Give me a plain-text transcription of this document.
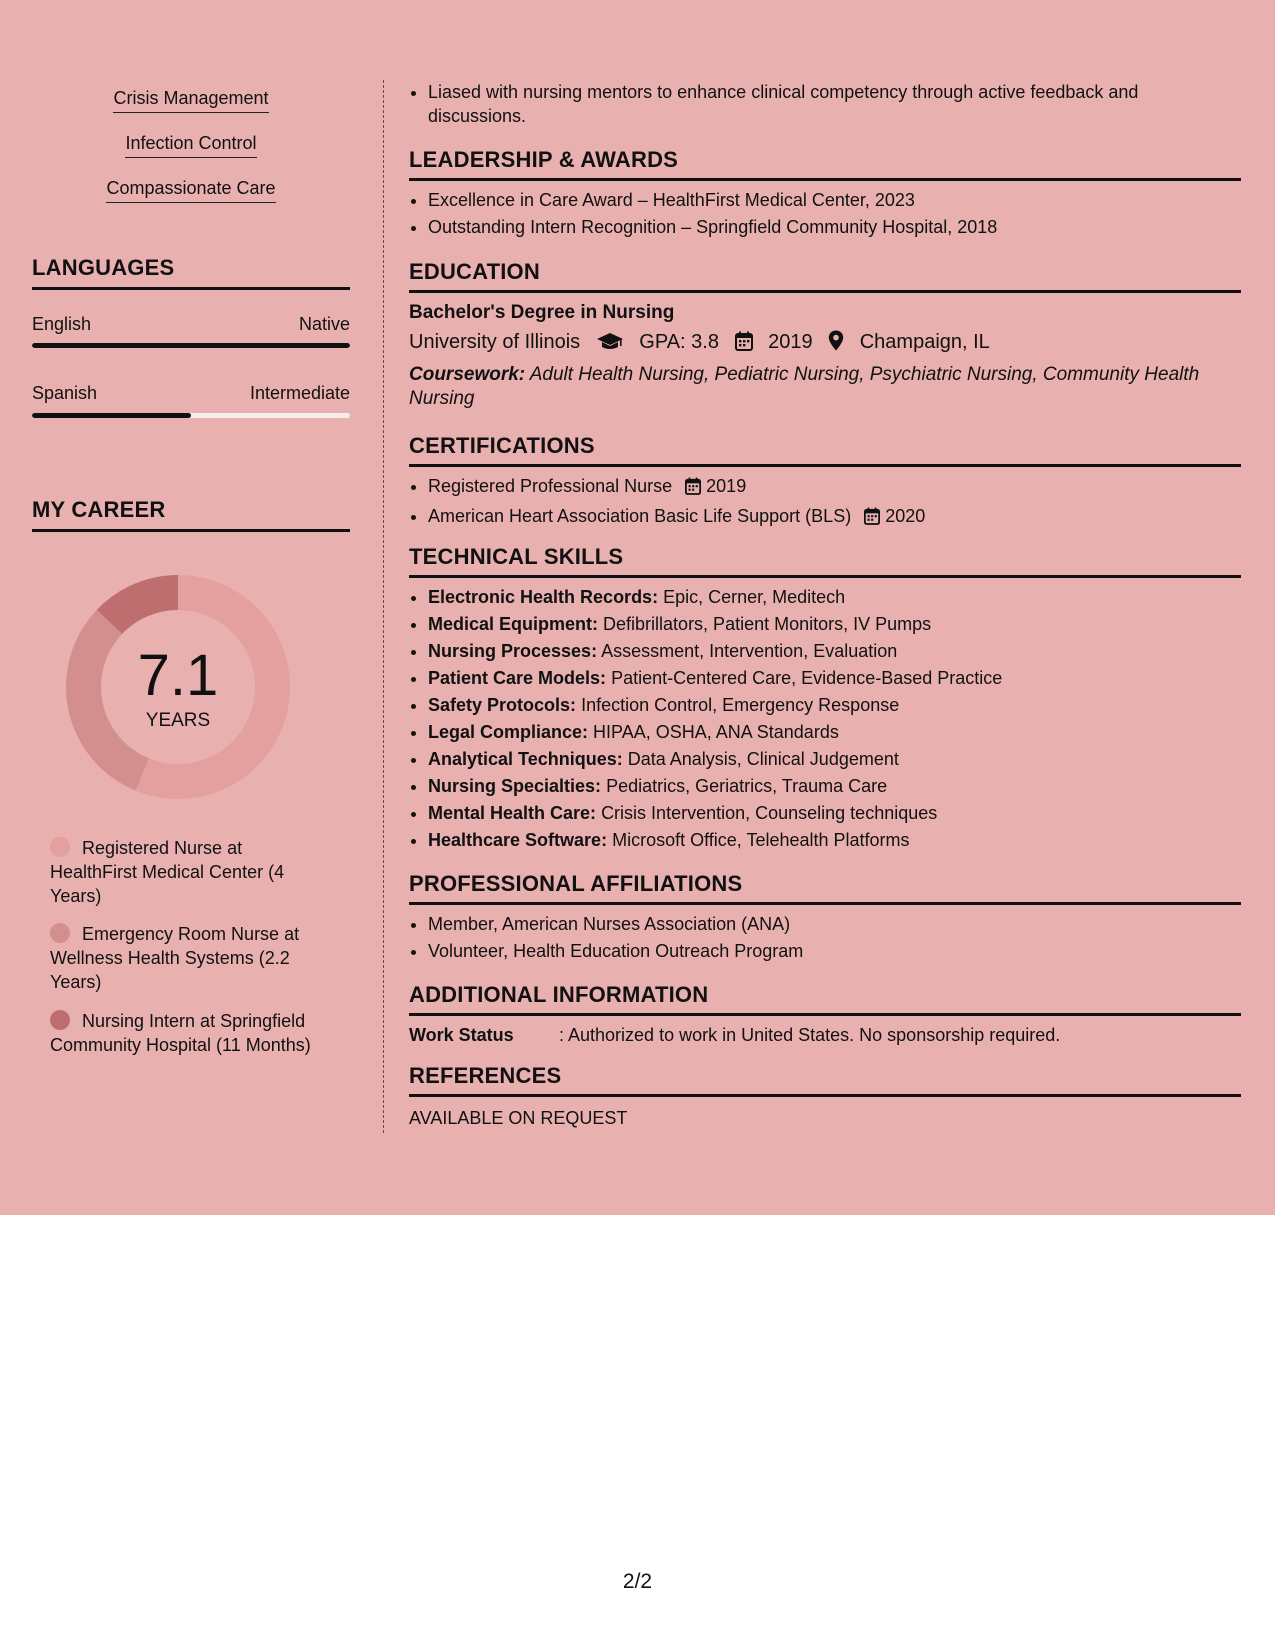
Crisis Management
Infection Control
Compassionate Care
LANGUAGES
English	Native
Spanish	Intermediate
MY CAREER
7.1
YEARS
Registered Nurse at HealthFirst Medical Center (4 Years)
Emergency Room Nurse at Wellness Health Systems (2.2 Years)
Nursing Intern at Springfield Community Hospital (11 Months)
• Liased with nursing mentors to enhance clinical competency through active feedback and discussions.
LEADERSHIP & AWARDS
• Excellence in Care Award – HealthFirst Medical Center, 2023
• Outstanding Intern Recognition – Springfield Community Hospital, 2018
EDUCATION
Bachelor's Degree in Nursing
University of Illinois	GPA: 3.8 2019 Champaign, IL
Coursework: Adult Health Nursing, Pediatric Nursing, Psychiatric Nursing, Community Health Nursing
CERTIFICATIONS
• Registered Professional Nurse 2019
• American Heart Association Basic Life Support (BLS) 2020
TECHNICAL SKILLS
• Electronic Health Records: Epic, Cerner, Meditech
• Medical Equipment: Defibrillators, Patient Monitors, IV Pumps
• Nursing Processes: Assessment, Intervention, Evaluation
• Patient Care Models: Patient-Centered Care, Evidence-Based Practice
• Safety Protocols: Infection Control, Emergency Response
• Legal Compliance: HIPAA, OSHA, ANA Standards
• Analytical Techniques: Data Analysis, Clinical Judgement
• Nursing Specialties: Pediatrics, Geriatrics, Trauma Care
• Mental Health Care: Crisis Intervention, Counseling techniques
• Healthcare Software: Microsoft Office, Telehealth Platforms
PROFESSIONAL AFFILIATIONS
• Member, American Nurses Association (ANA)
• Volunteer, Health Education Outreach Program
ADDITIONAL INFORMATION
Work Status	: Authorized to work in United States. No sponsorship required.
REFERENCES
AVAILABLE ON REQUEST
2/2
